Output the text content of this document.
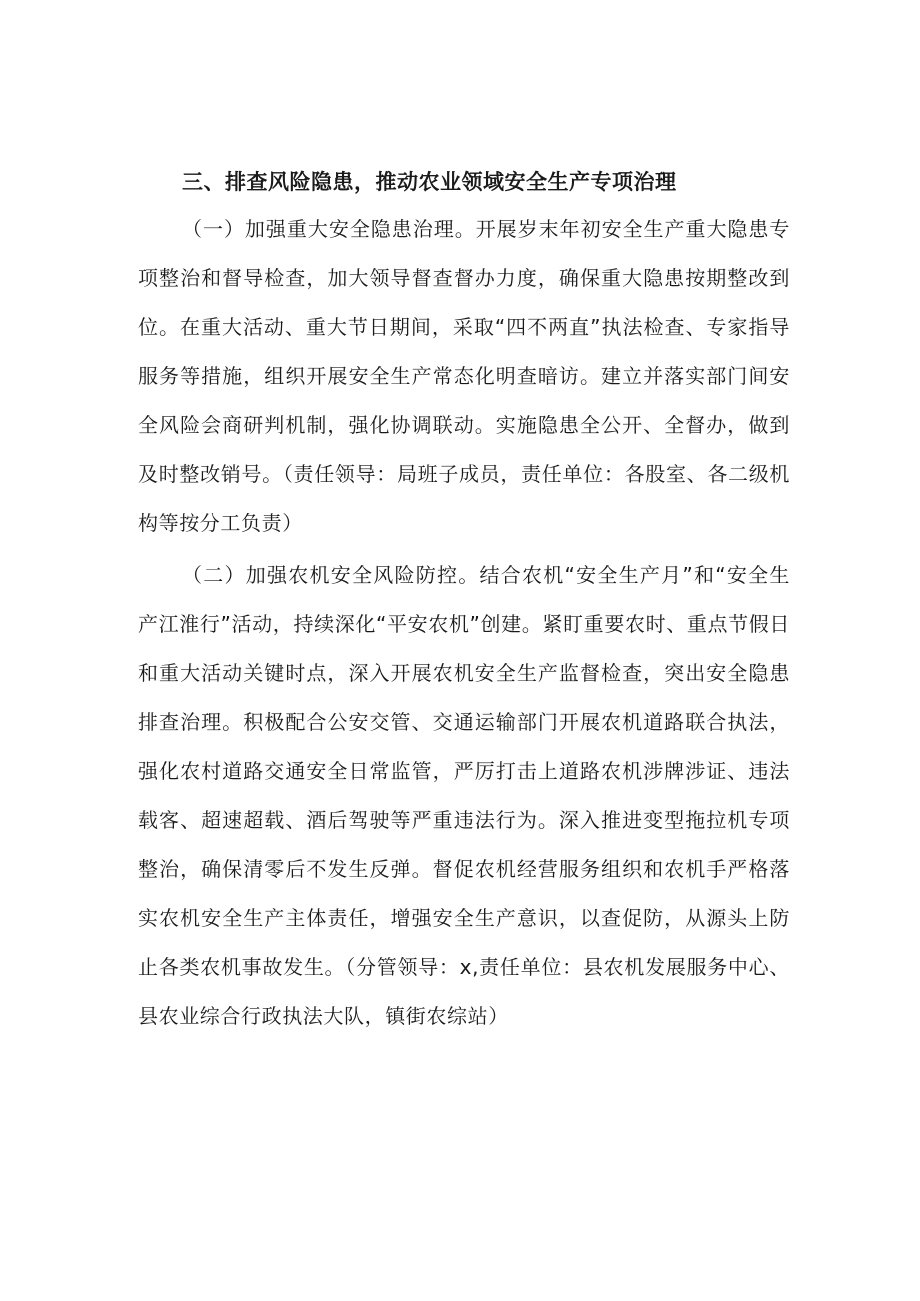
三、排查风险隐患，推动农业领域安全生产专项治理

（一）加强重大安全隐患治理。开展岁末年初安全生产重大隐患专项整治和督导检查，加大领导督查督办力度，确保重大隐患按期整改到位。在重大活动、重大节日期间，采取“四不两直”执法检查、专家指导服务等措施，组织开展安全生产常态化明查暗访。建立并落实部门间安全风险会商研判机制，强化协调联动。实施隐患全公开、全督办，做到及时整改销号。（责任领导：局班子成员，责任单位：各股室、各二级机构等按分工负责）

（二）加强农机安全风险防控。结合农机“安全生产月”和“安全生产江淮行”活动，持续深化“平安农机”创建。紧盯重要农时、重点节假日和重大活动关键时点，深入开展农机安全生产监督检查，突出安全隐患排查治理。积极配合公安交管、交通运输部门开展农机道路联合执法，强化农村道路交通安全日常监管，严厉打击上道路农机涉牌涉证、违法载客、超速超载、酒后驾驶等严重违法行为。深入推进变型拖拉机专项整治，确保清零后不发生反弹。督促农机经营服务组织和农机手严格落实农机安全生产主体责任，增强安全生产意识，以查促防，从源头上防止各类农机事故发生。（分管领导：x,责任单位：县农机发展服务中心、县农业综合行政执法大队，镇街农综站）
